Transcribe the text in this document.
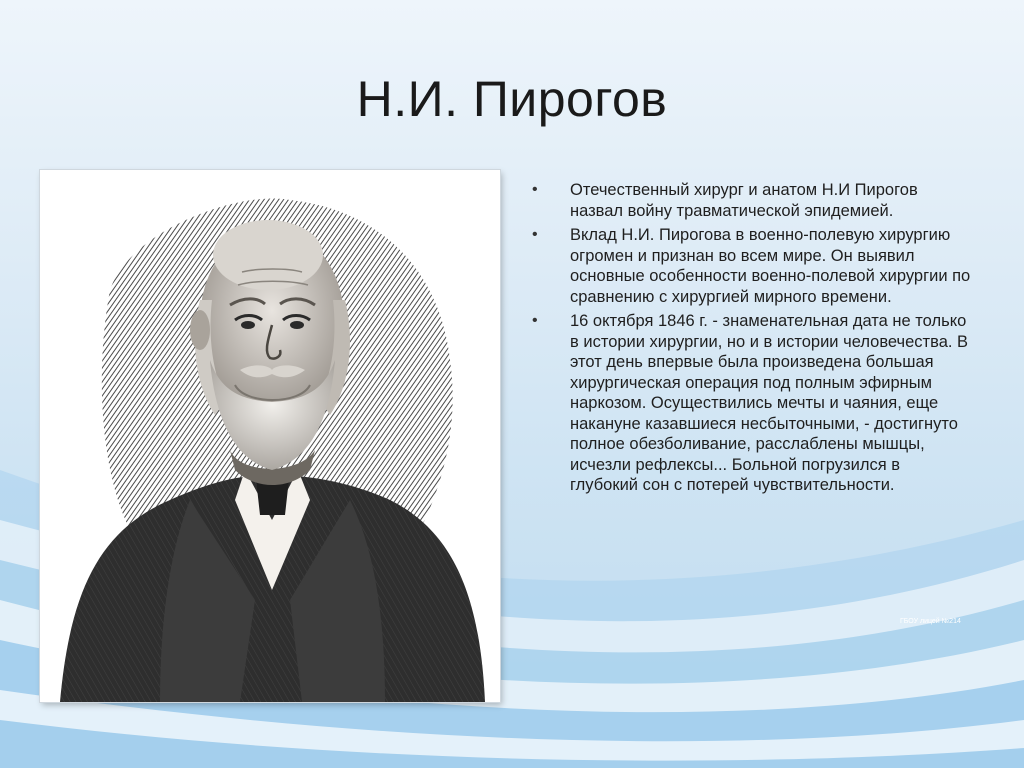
Н.И. Пирогов
• Отечественный хирург и анатом Н.И Пирогов назвал войну травматической эпидемией.
• Вклад Н.И. Пирогова в военно-полевую хирургию огромен и признан во всем мире. Он выявил основные особенности военно-полевой хирургии по сравнению с хирургией мирного времени.
• 16 октября 1846 г. - знаменательная дата не только в истории хирургии, но и в истории человечества. В этот день впервые была произведена большая хирургическая операция под полным эфирным наркозом. Осуществились мечты и чаяния, еще накануне казавшиеся несбыточными, - достигнуто полное обезболивание, расслаблены мышцы, исчезли рефлексы... Больной погрузился в глубокий сон с потерей чувствительности.
ГБОУ лицей №214
